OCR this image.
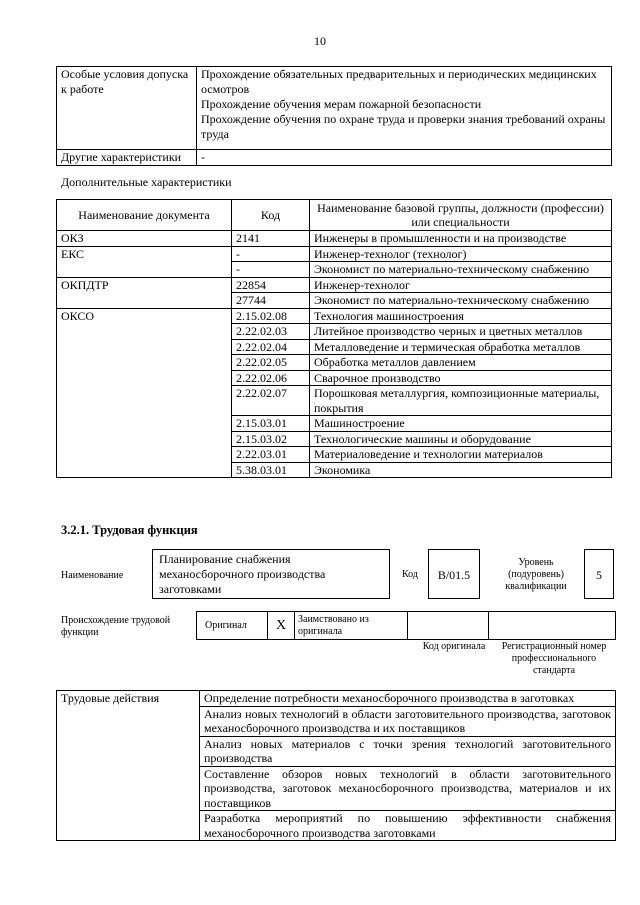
10
Особые условия допуска к работе	Прохождение обязательных предварительных и периодических медицинских осмотров
Прохождение обучения мерам пожарной безопасности
Прохождение обучения по охране труда и проверки знания требований охраны труда

Другие характеристики	-
Дополнительные характеристики
Наименование документа	Код	Наименование базовой группы, должности (профессии) или специальности
ОКЗ	2141	Инженеры в промышленности и на производстве
ЕКС	-	Инженер-технолог (технолог)
	-	Экономист по материально-техническому снабжению
ОКПДТР	22854	Инженер-технолог
	27744	Экономист по материально-техническому снабжению
ОКСО	2.15.02.08	Технология машиностроения
	2.22.02.03	Литейное производство черных и цветных металлов
	2.22.02.04	Металловедение и термическая обработка металлов
	2.22.02.05	Обработка металлов давлением
	2.22.02.06	Сварочное производство
	2.22.02.07	Порошковая металлургия, композиционные материалы, покрытия
	2.15.03.01	Машиностроение
	2.15.03.02	Технологические машины и оборудование
	2.22.03.01	Материаловедение и технологии материалов
	5.38.03.01	Экономика
3.2.1. Трудовая функция
Наименование
Планирование снабжения механосборочного производства заготовками
Код	B/01.5
Уровень (подуровень) квалификации
5
Происхождение трудовой функции
Оригинал	X	Заимствовано из оригинала
Код оригинала	Регистрационный номер профессионального стандарта
Трудовые действия	Определение потребности механосборочного производства в заготовках
	Анализ новых технологий в области заготовительного производства, заготовок механосборочного производства и их поставщиков
	Анализ новых материалов с точки зрения технологий заготовительного производства
	Составление обзоров новых технологий в области заготовительного производства, заготовок механосборочного производства, материалов и их поставщиков
	Разработка мероприятий по повышению эффективности снабжения механосборочного производства заготовками
